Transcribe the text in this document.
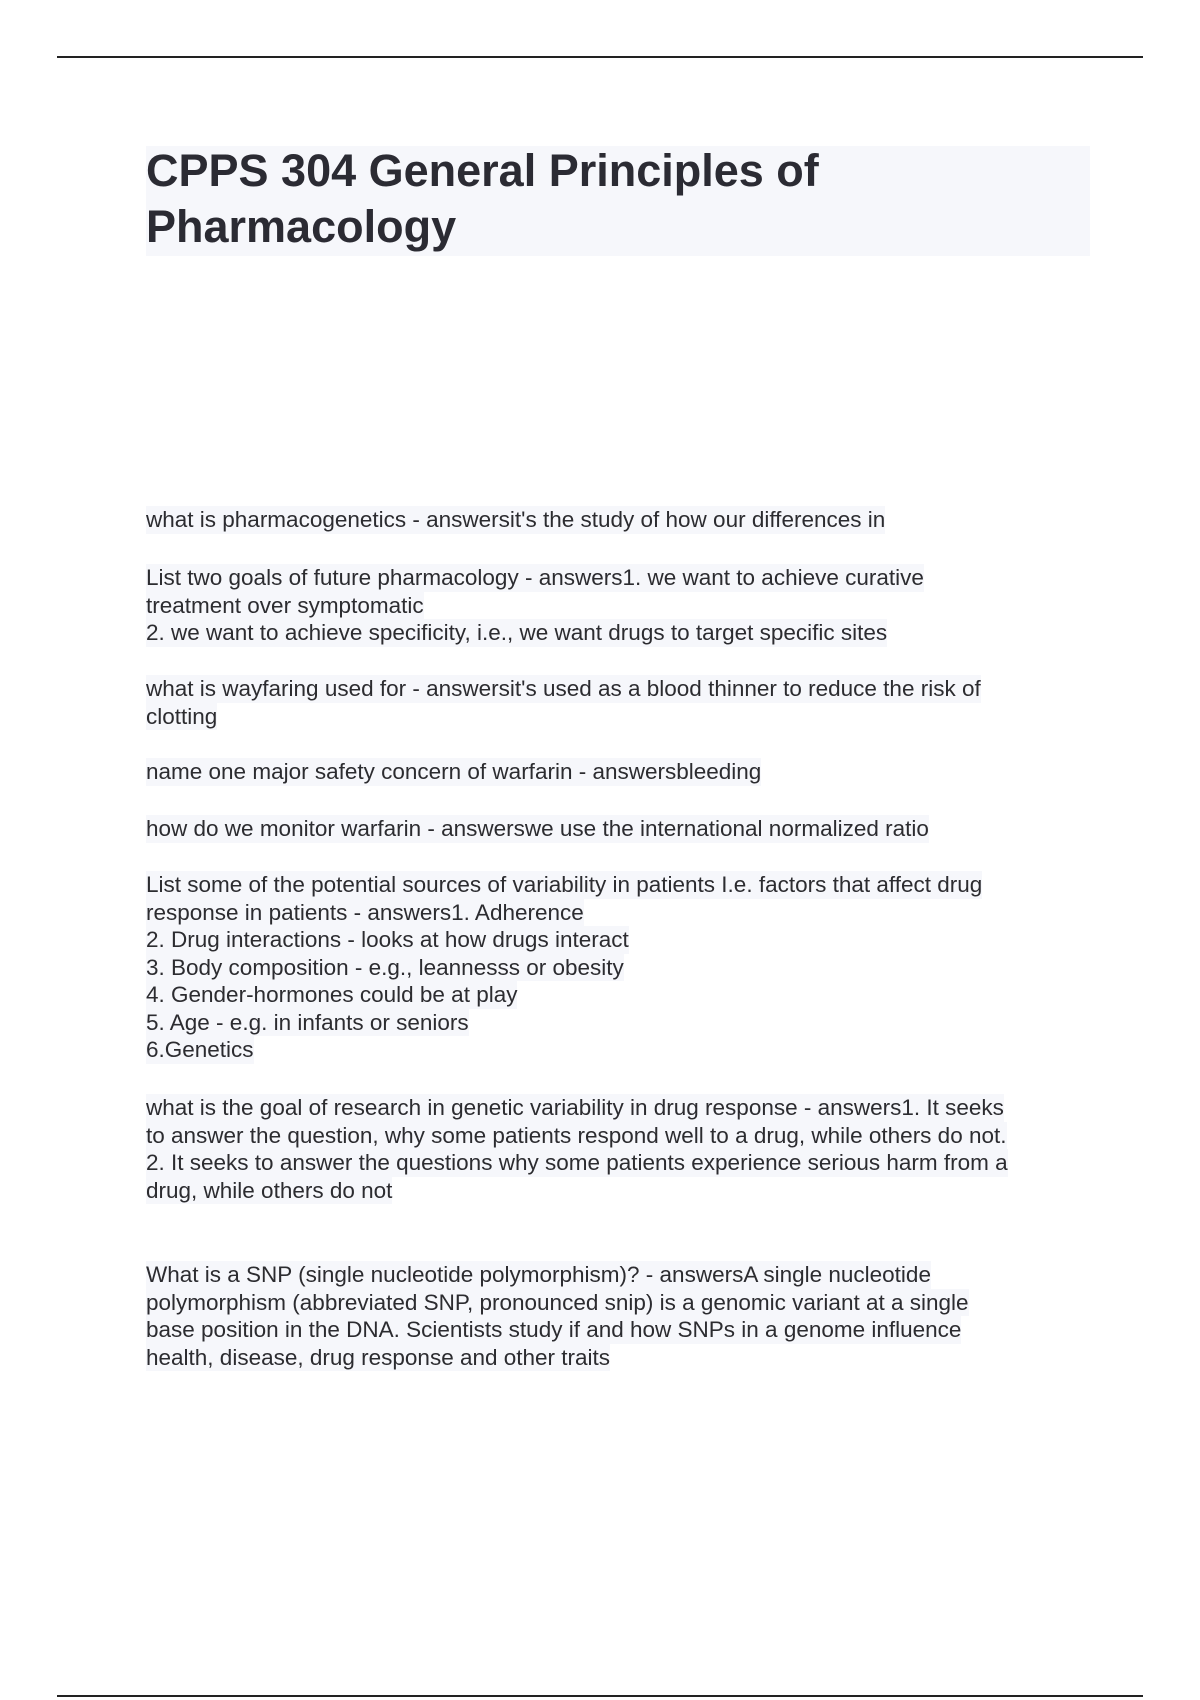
CPPS 304 General Principles of
Pharmacology

what is pharmacogenetics - answersit's the study of how our differences in

List two goals of future pharmacology - answers1. we want to achieve curative
treatment over symptomatic
2. we want to achieve specificity, i.e., we want drugs to target specific sites

what is wayfaring used for - answersit's used as a blood thinner to reduce the risk of
clotting

name one major safety concern of warfarin - answersbleeding

how do we monitor warfarin - answerswe use the international normalized ratio

List some of the potential sources of variability in patients I.e. factors that affect drug
response in patients - answers1. Adherence
2. Drug interactions - looks at how drugs interact
3. Body composition - e.g., leannesss or obesity
4. Gender-hormones could be at play
5. Age - e.g. in infants or seniors
6.Genetics

what is the goal of research in genetic variability in drug response - answers1. It seeks
to answer the question, why some patients respond well to a drug, while others do not.
2. It seeks to answer the questions why some patients experience serious harm from a
drug, while others do not

What is a SNP (single nucleotide polymorphism)? - answersA single nucleotide
polymorphism (abbreviated SNP, pronounced snip) is a genomic variant at a single
base position in the DNA. Scientists study if and how SNPs in a genome influence
health, disease, drug response and other traits
